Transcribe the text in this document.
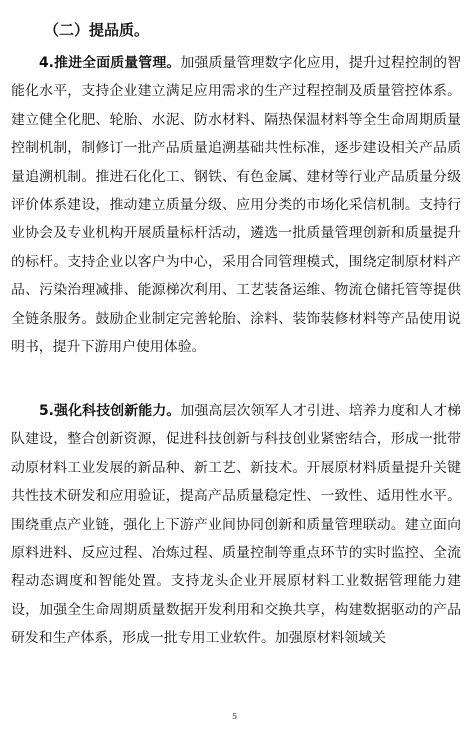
（二）提品质。

4.推进全面质量管理。加强质量管理数字化应用，提升过程控制的智能化水平，支持企业建立满足应用需求的生产过程控制及质量管控体系。建立健全化肥、轮胎、水泥、防水材料、隔热保温材料等全生命周期质量控制机制，制修订一批产品质量追溯基础共性标准，逐步建设相关产品质量追溯机制。推进石化化工、钢铁、有色金属、建材等行业产品质量分级评价体系建设，推动建立质量分级、应用分类的市场化采信机制。支持行业协会及专业机构开展质量标杆活动，遴选一批质量管理创新和质量提升的标杆。支持企业以客户为中心，采用合同管理模式，围绕定制原材料产品、污染治理减排、能源梯次利用、工艺装备运维、物流仓储托管等提供全链条服务。鼓励企业制定完善轮胎、涂料、装饰装修材料等产品使用说明书，提升下游用户使用体验。

5.强化科技创新能力。加强高层次领军人才引进、培养力度和人才梯队建设，整合创新资源，促进科技创新与科技创业紧密结合，形成一批带动原材料工业发展的新品种、新工艺、新技术。开展原材料质量提升关键共性技术研发和应用验证，提高产品质量稳定性、一致性、适用性水平。围绕重点产业链，强化上下游产业间协同创新和质量管理联动。建立面向原料进料、反应过程、冶炼过程、质量控制等重点环节的实时监控、全流程动态调度和智能处置。支持龙头企业开展原材料工业数据管理能力建设，加强全生命周期质量数据开发利用和交换共享，构建数据驱动的产品研发和生产体系，形成一批专用工业软件。加强原材料领域关

5
